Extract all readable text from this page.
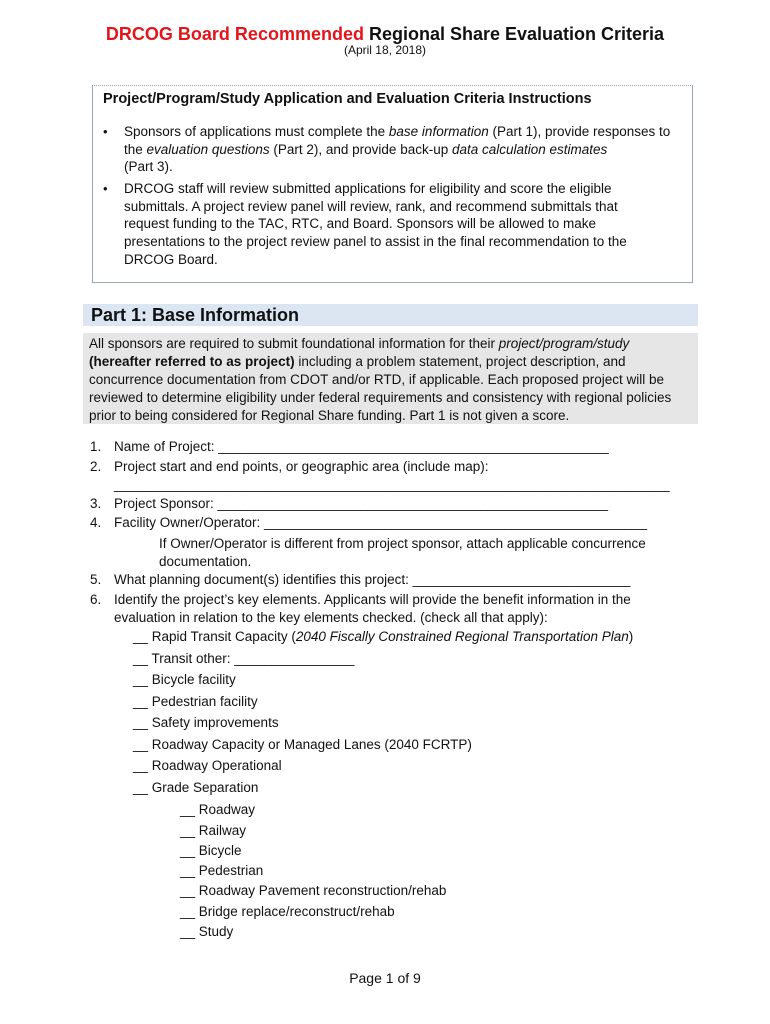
DRCOG Board Recommended Regional Share Evaluation Criteria
(April 18, 2018)
Project/Program/Study Application and Evaluation Criteria Instructions
• Sponsors of applications must complete the base information (Part 1), provide responses to the evaluation questions (Part 2), and provide back-up data calculation estimates
(Part 3).
• DRCOG staff will review submitted applications for eligibility and score the eligible submittals. A project review panel will review, rank, and recommend submittals that request funding to the TAC, RTC, and Board. Sponsors will be allowed to make presentations to the project review panel to assist in the final recommendation to the DRCOG Board.
Part 1: Base Information
All sponsors are required to submit foundational information for their project/program/study
(hereafter referred to as project) including a problem statement, project description, and concurrence documentation from CDOT and/or RTD, if applicable. Each proposed project will be reviewed to determine eligibility under federal requirements and consistency with regional policies prior to being considered for Regional Share funding. Part 1 is not given a score.
1. Name of Project: ____________________________________________________
2. Project start and end points, or geographic area (include map):
__________________________________________________________________________
3. Project Sponsor: ____________________________________________________
4. Facility Owner/Operator: ___________________________________________________
If Owner/Operator is different from project sponsor, attach applicable concurrence documentation.
5. What planning document(s) identifies this project: _____________________________
6. Identify the project’s key elements. Applicants will provide the benefit information in the evaluation in relation to the key elements checked. (check all that apply):
__ Rapid Transit Capacity (2040 Fiscally Constrained Regional Transportation Plan)
__ Transit other: ________________
__ Bicycle facility
__ Pedestrian facility
__ Safety improvements
__ Roadway Capacity or Managed Lanes (2040 FCRTP)
__ Roadway Operational
__ Grade Separation
__ Roadway
__ Railway
__ Bicycle
__ Pedestrian
__ Roadway Pavement reconstruction/rehab
__ Bridge replace/reconstruct/rehab
__ Study
Page 1 of 9
